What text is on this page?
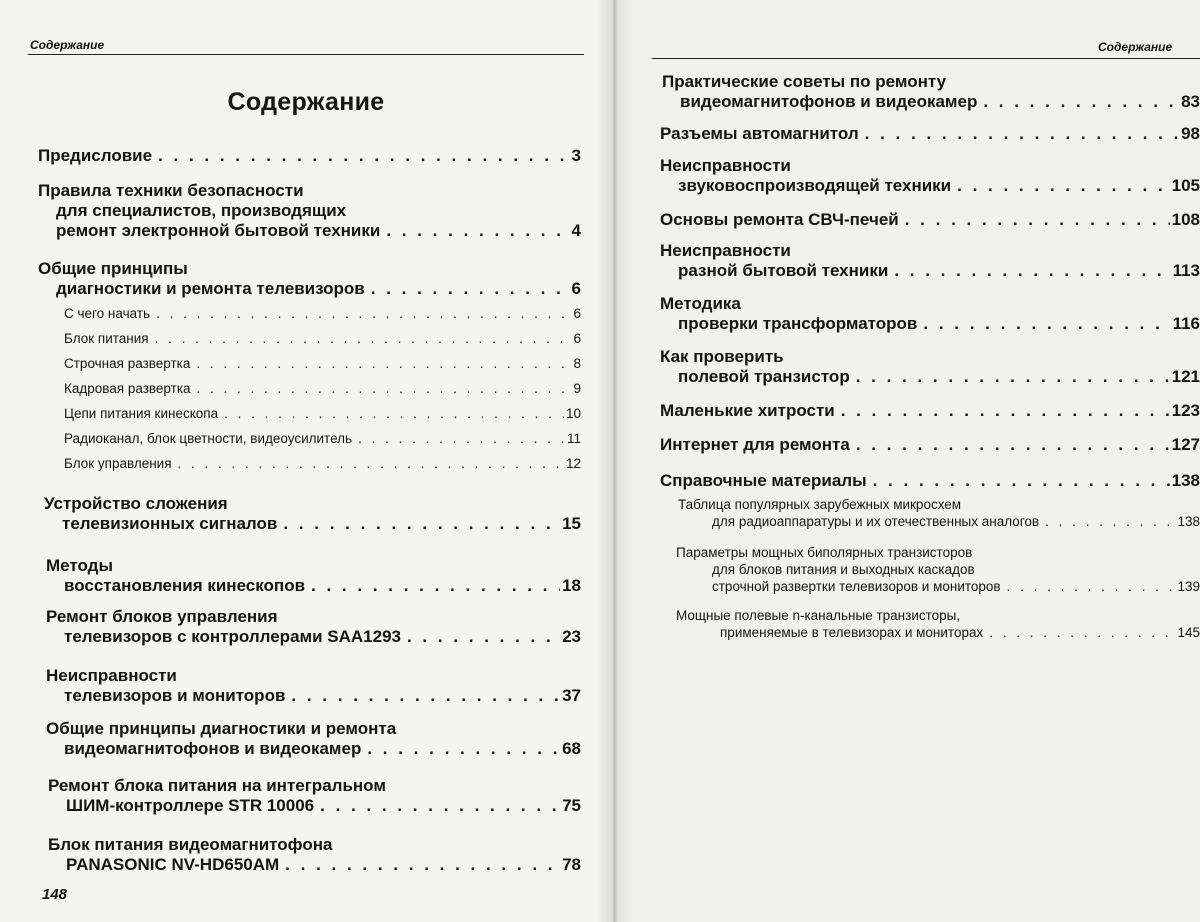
Содержание
Содержание
Предисловие . . .	3
Правила техники безопасности
для специалистов, производящих
ремонт электронной бытовой техники . . .	4
Общие принципы
диагностики и ремонта телевизоров . . .	6
С чего начать . . .	6
Блок питания . . .	6
Строчная развертка . . .	8
Кадровая развертка . . .	9
Цепи питания кинескопа . . .	10
Радиоканал, блок цветности, видеоусилитель . . .	11
Блок управления . . .	12
Устройство сложения
телевизионных сигналов . . .	15
Методы
восстановления кинескопов . . .	18
Ремонт блоков управления
телевизоров с контроллерами SAA1293 . . .	23
Неисправности
телевизоров и мониторов . . .	37
Общие принципы диагностики и ремонта
видеомагнитофонов и видеокамер . . .	68
Ремонт блока питания на интегральном
ШИМ-контроллере STR 10006 . . .	75
Блок питания видеомагнитофона
PANASONIC NV-HD650AM . . .	78
148
Содержание
Практические советы по ремонту
видеомагнитофонов и видеокамер . . .	83
Разъемы автомагнитол . . .	98
Неисправности
звуковоспроизводящей техники . . .	105
Основы ремонта СВЧ-печей . . .	108
Неисправности
разной бытовой техники . . .	113
Методика
проверки трансформаторов . . .	116
Как проверить
полевой транзистор . . .	121
Маленькие хитрости . . .	123
Интернет для ремонта . . .	127
Справочные материалы . . .	138
Таблица популярных зарубежных микросхем
для радиоаппаратуры и их отечественных аналогов . . .	138
Параметры мощных биполярных транзисторов
для блоков питания и выходных каскадов
строчной развертки телевизоров и мониторов . . .	139
Мощные полевые n-канальные транзисторы,
применяемые в телевизорах и мониторах . . .	145
